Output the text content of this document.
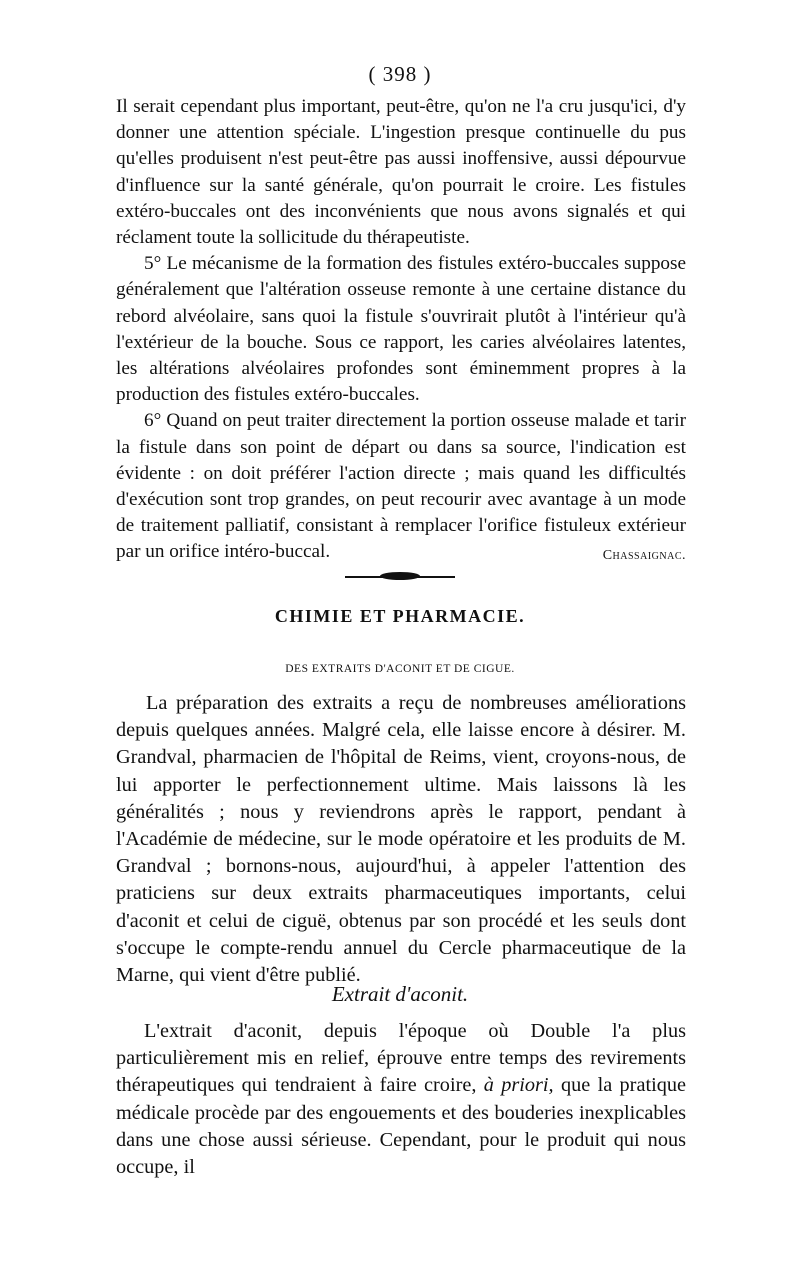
( 398 )

Il serait cependant plus important, peut-être, qu'on ne l'a cru jusqu'ici, d'y donner une attention spéciale. L'ingestion presque continuelle du pus qu'elles produisent n'est peut-être pas aussi inoffensive, aussi dépourvue d'influence sur la santé générale, qu'on pourrait le croire. Les fistules extéro-buccales ont des inconvénients que nous avons signalés et qui réclament toute la sollicitude du thérapeutiste.

5° Le mécanisme de la formation des fistules extéro-buccales suppose généralement que l'altération osseuse remonte à une certaine distance du rebord alvéolaire, sans quoi la fistule s'ouvrirait plutôt à l'intérieur qu'à l'extérieur de la bouche. Sous ce rapport, les caries alvéolaires latentes, les altérations alvéolaires profondes sont éminemment propres à la production des fistules extéro-buccales.

6° Quand on peut traiter directement la portion osseuse malade et tarir la fistule dans son point de départ ou dans sa source, l'indication est évidente : on doit préférer l'action directe ; mais quand les difficultés d'exécution sont trop grandes, on peut recourir avec avantage à un mode de traitement palliatif, consistant à remplacer l'orifice fistuleux extérieur par un orifice intéro-buccal.	Chassaignac.

CHIMIE ET PHARMACIE.
DES EXTRAITS D'ACONIT ET DE CIGUE.

La préparation des extraits a reçu de nombreuses améliorations depuis quelques années. Malgré cela, elle laisse encore à désirer. M. Grandval, pharmacien de l'hôpital de Reims, vient, croyons-nous, de lui apporter le perfectionnement ultime. Mais laissons là les généralités ; nous y reviendrons après le rapport, pendant à l'Académie de médecine, sur le mode opératoire et les produits de M. Grandval ; bornons-nous, aujourd'hui, à appeler l'attention des praticiens sur deux extraits pharmaceutiques importants, celui d'aconit et celui de ciguë, obtenus par son procédé et les seuls dont s'occupe le compte-rendu annuel du Cercle pharmaceutique de la Marne, qui vient d'être publié.

Extrait d'aconit.

L'extrait d'aconit, depuis l'époque où Double l'a plus particulièrement mis en relief, éprouve entre temps des revirements thérapeutiques qui tendraient à faire croire, à priori, que la pratique médicale procède par des engouements et des bouderies inexplicables dans une chose aussi sérieuse. Cependant, pour le produit qui nous occupe, il
